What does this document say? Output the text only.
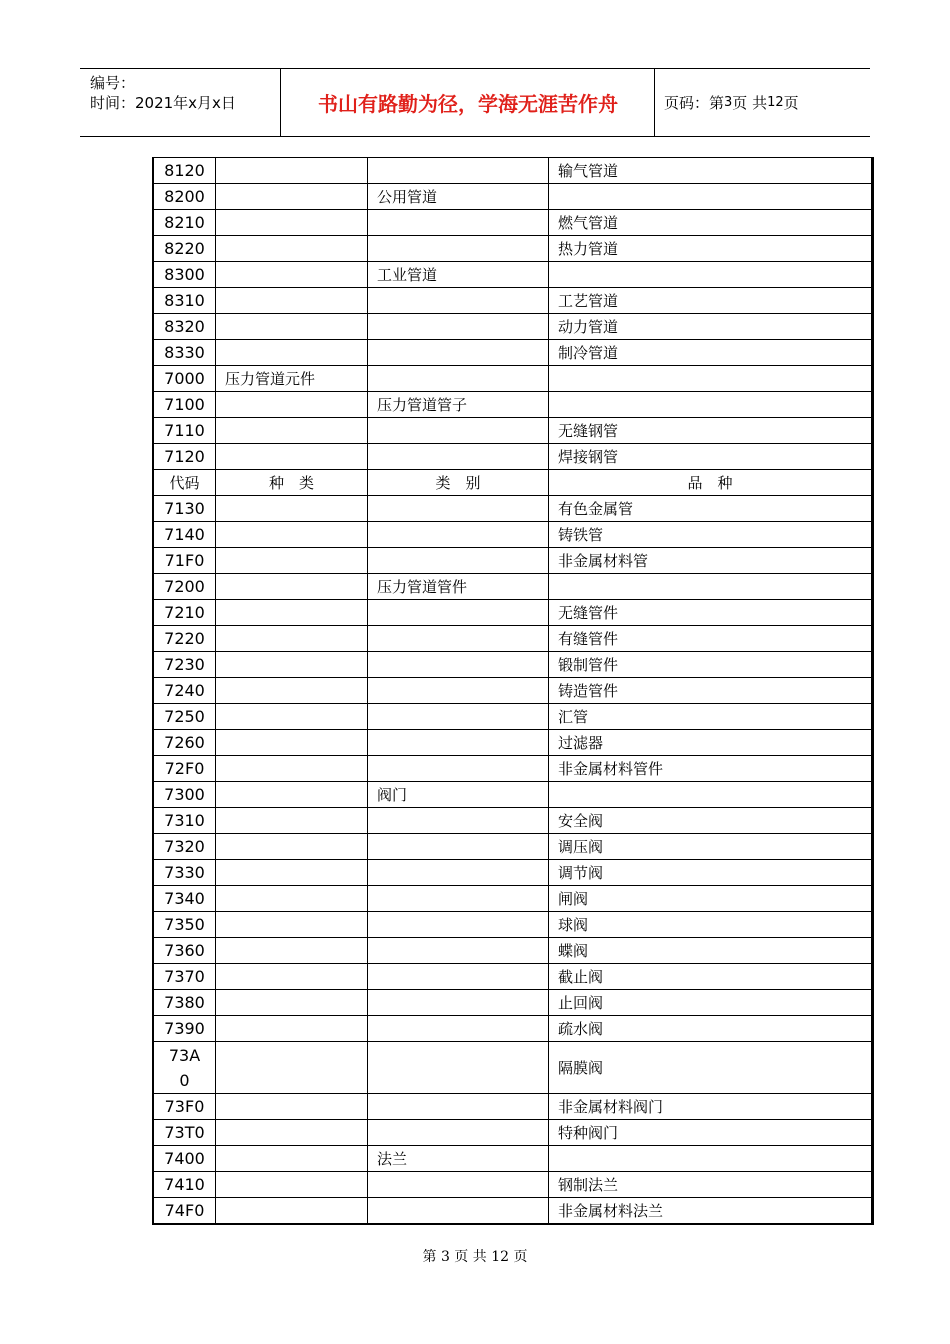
编号：
时间：2021年x月x日	书山有路勤为径，学海无涯苦作舟	页码：第 3 页 共 12 页
8120			输气管道
8200		公用管道	
8210			燃气管道
8220			热力管道
8300		工业管道	
8310			工艺管道
8320			动力管道
8330			制冷管道
7000	压力管道元件		
7100		压力管道管子	
7110			无缝钢管
7120			焊接钢管
代码	种　类	类　别	品　种
7130			有色金属管
7140			铸铁管
71F0			非金属材料管
7200		压力管道管件	
7210			无缝管件
7220			有缝管件
7230			锻制管件
7240			铸造管件
7250			汇管
7260			过滤器
72F0			非金属材料管件
7300		阀门	
7310			安全阀
7320			调压阀
7330			调节阀
7340			闸阀
7350			球阀
7360			蝶阀
7370			截止阀
7380			止回阀
7390			疏水阀

73A
0			隔膜阀
73F0			非金属材料阀门
73T0			特种阀门
7400		法兰	
7410			钢制法兰
74F0			非金属材料法兰
第 3 页 共 12 页
